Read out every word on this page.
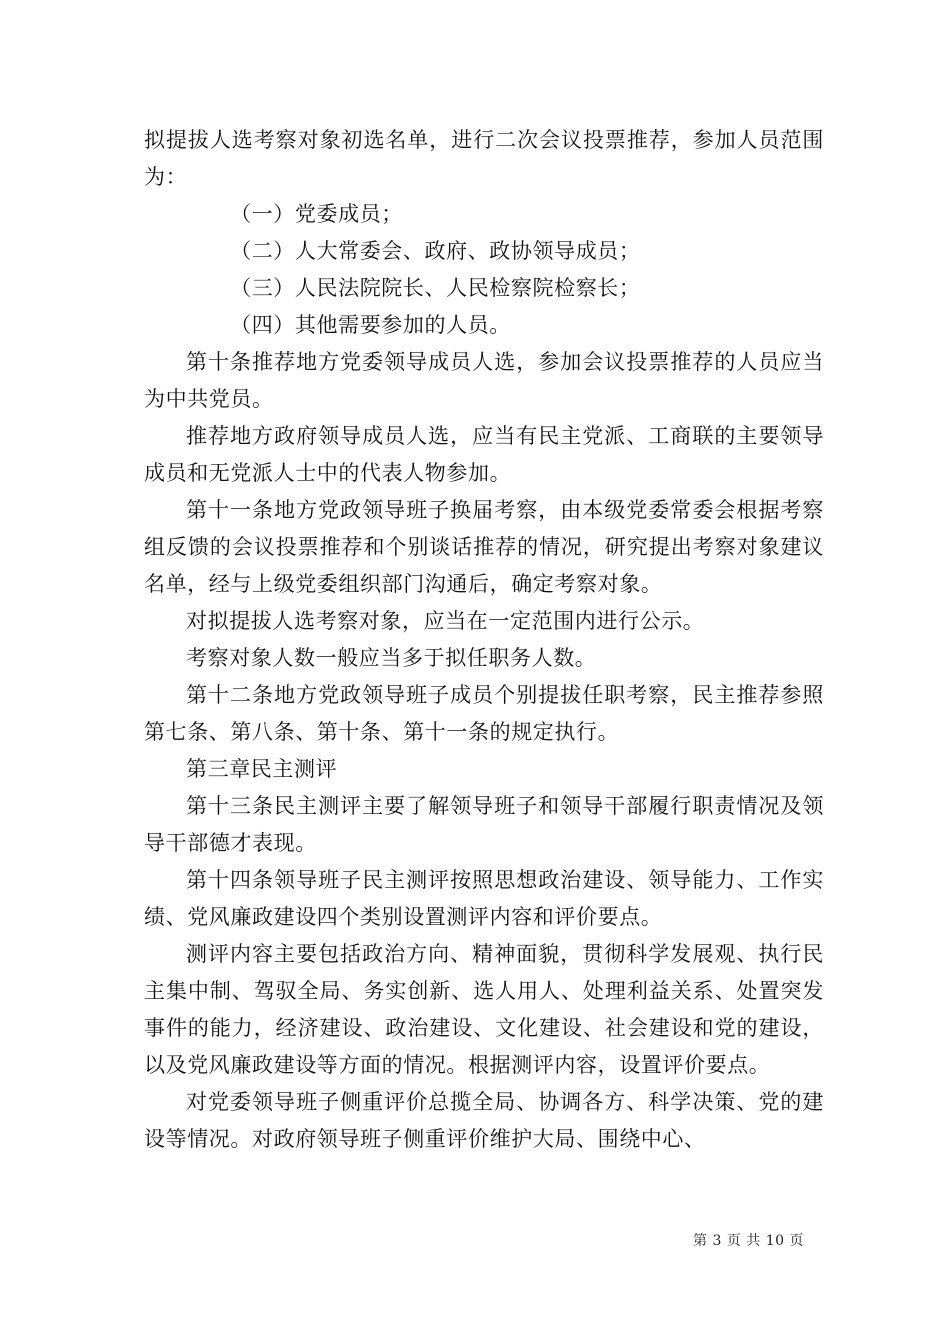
拟提拔人选考察对象初选名单，进行二次会议投票推荐，参加人员范围为：

（一）党委成员；

（二）人大常委会、政府、政协领导成员；

（三）人民法院院长、人民检察院检察长；

（四）其他需要参加的人员。

第十条推荐地方党委领导成员人选，参加会议投票推荐的人员应当为中共党员。

推荐地方政府领导成员人选，应当有民主党派、工商联的主要领导成员和无党派人士中的代表人物参加。

第十一条地方党政领导班子换届考察，由本级党委常委会根据考察组反馈的会议投票推荐和个别谈话推荐的情况，研究提出考察对象建议名单，经与上级党委组织部门沟通后，确定考察对象。

对拟提拔人选考察对象，应当在一定范围内进行公示。

考察对象人数一般应当多于拟任职务人数。

第十二条地方党政领导班子成员个别提拔任职考察，民主推荐参照第七条、第八条、第十条、第十一条的规定执行。

第三章民主测评

第十三条民主测评主要了解领导班子和领导干部履行职责情况及领导干部德才表现。

第十四条领导班子民主测评按照思想政治建设、领导能力、工作实绩、党风廉政建设四个类别设置测评内容和评价要点。

测评内容主要包括政治方向、精神面貌，贯彻科学发展观、执行民主集中制、驾驭全局、务实创新、选人用人、处理利益关系、处置突发事件的能力，经济建设、政治建设、文化建设、社会建设和党的建设，以及党风廉政建设等方面的情况。根据测评内容，设置评价要点。

对党委领导班子侧重评价总揽全局、协调各方、科学决策、党的建设等情况。对政府领导班子侧重评价维护大局、围绕中心、

第 3 页 共 10 页
